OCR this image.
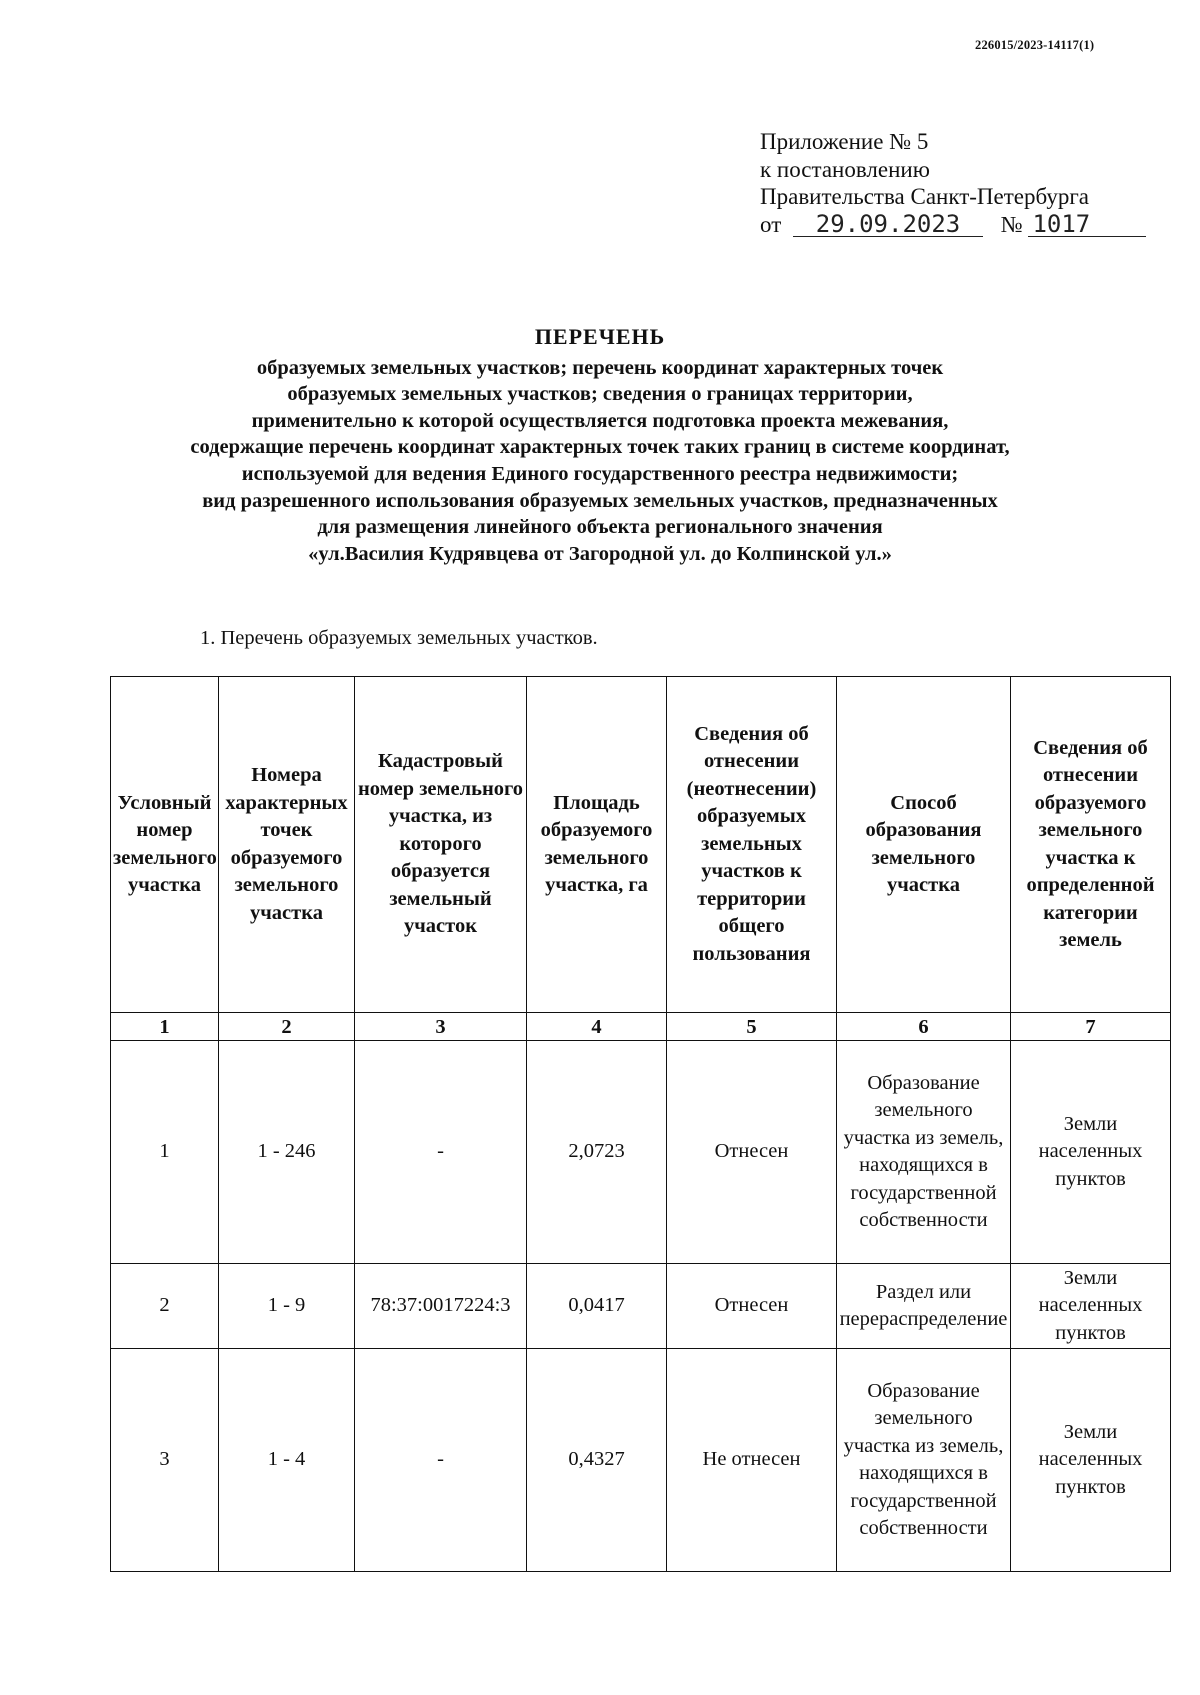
226015/2023-14117(1)
Приложение № 5
к постановлению
Правительства Санкт-Петербурга
от 29.09.2023 № 1017
ПЕРЕЧЕНЬ
образуемых земельных участков; перечень координат характерных точек
образуемых земельных участков; сведения о границах территории,
применительно к которой осуществляется подготовка проекта межевания,
содержащие перечень координат характерных точек таких границ в системе координат,
используемой для ведения Единого государственного реестра недвижимости;
вид разрешенного использования образуемых земельных участков, предназначенных
для размещения линейного объекта регионального значения
«ул.Василия Кудрявцева от Загородной ул. до Колпинской ул.»
1. Перечень образуемых земельных участков.
Условный номер земельного участка	Номера характерных точек образуемого земельного участка	Кадастровый номер земельного участка, из которого образуется земельный участок	Площадь образуемого земельного участка, га	Сведения об отнесении (неотнесении) образуемых земельных участков к территории общего пользования	Способ образования земельного участка	Сведения об отнесении образуемого земельного участка к определенной категории земель
1	2	3	4	5	6	7
1	1 - 246	-	2,0723	Отнесен	Образование земельного участка из земель, находящихся в государственной собственности	Земли населенных пунктов
2	1 - 9	78:37:0017224:3	0,0417	Отнесен	Раздел или перераспределение	Земли населенных пунктов
3	1 - 4	-	0,4327	Не отнесен	Образование земельного участка из земель, находящихся в государственной собственности	Земли населенных пунктов
